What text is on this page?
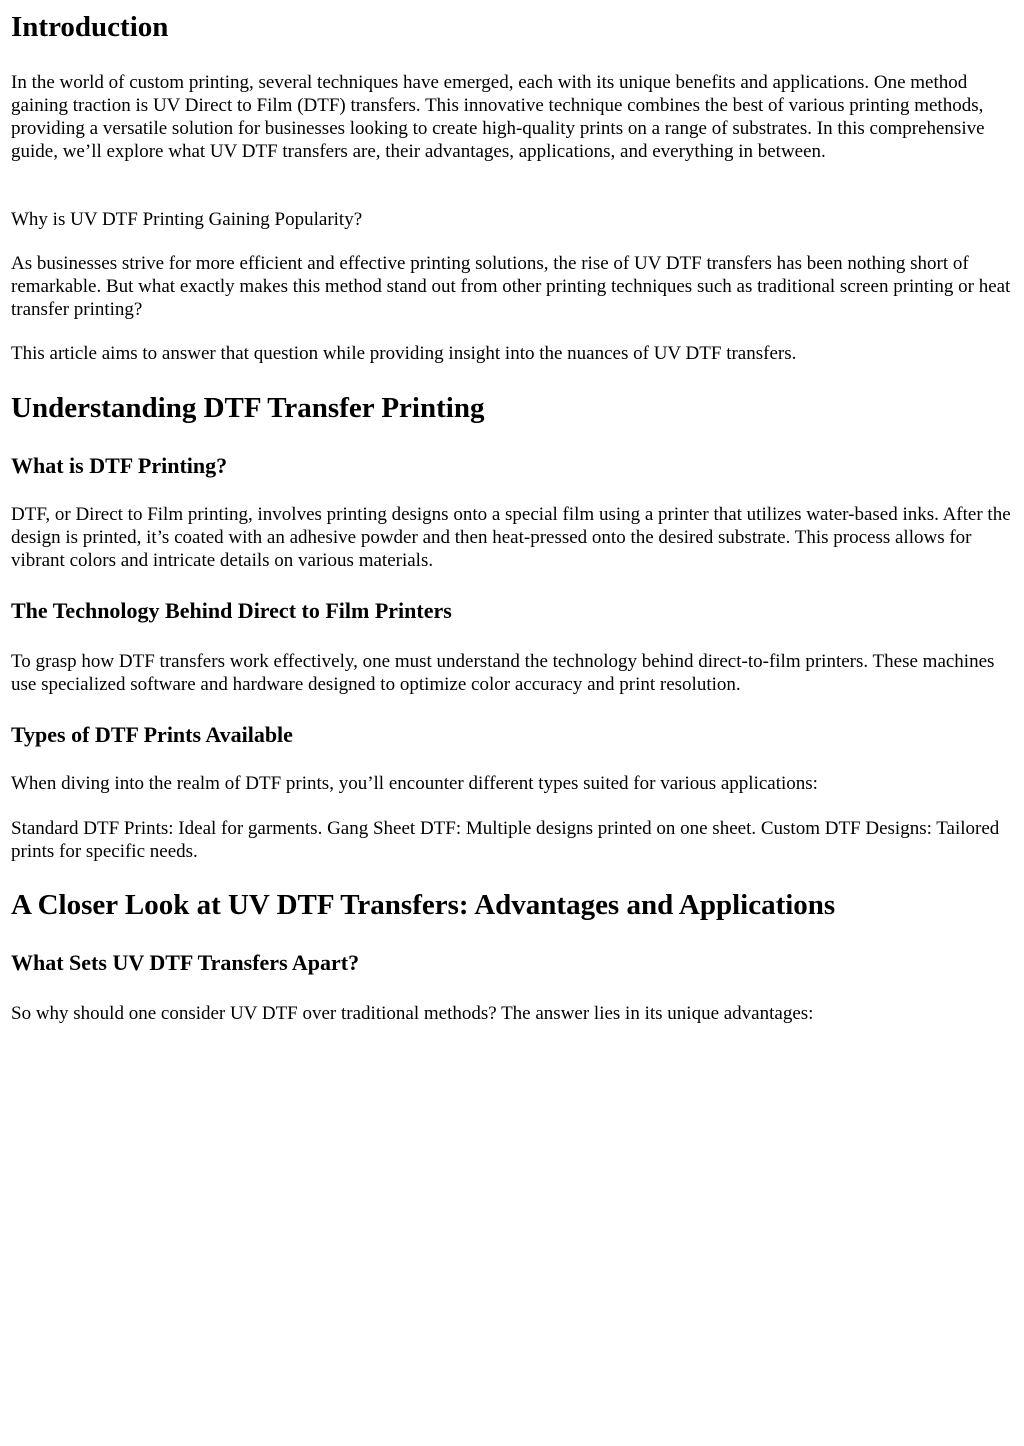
Introduction

In the world of custom printing, several techniques have emerged, each with its unique benefits and applications. One method gaining traction is UV Direct to Film (DTF) transfers. This innovative technique combines the best of various printing methods, providing a versatile solution for businesses looking to create high-quality prints on a range of substrates. In this comprehensive guide, we’ll explore what UV DTF transfers are, their advantages, applications, and everything in between.

Why is UV DTF Printing Gaining Popularity?

As businesses strive for more efficient and effective printing solutions, the rise of UV DTF transfers has been nothing short of remarkable. But what exactly makes this method stand out from other printing techniques such as traditional screen printing or heat transfer printing?

This article aims to answer that question while providing insight into the nuances of UV DTF transfers.

Understanding DTF Transfer Printing
What is DTF Printing?

DTF, or Direct to Film printing, involves printing designs onto a special film using a printer that utilizes water-based inks. After the design is printed, it’s coated with an adhesive powder and then heat-pressed onto the desired substrate. This process allows for vibrant colors and intricate details on various materials.

The Technology Behind Direct to Film Printers

To grasp how DTF transfers work effectively, one must understand the technology behind direct-to-film printers. These machines use specialized software and hardware designed to optimize color accuracy and print resolution.

Types of DTF Prints Available

When diving into the realm of DTF prints, you’ll encounter different types suited for various applications:

Standard DTF Prints: Ideal for garments. Gang Sheet DTF: Multiple designs printed on one sheet. Custom DTF Designs: Tailored prints for specific needs.

A Closer Look at UV DTF Transfers: Advantages and Applications
What Sets UV DTF Transfers Apart?

So why should one consider UV DTF over traditional methods? The answer lies in its unique advantages:
